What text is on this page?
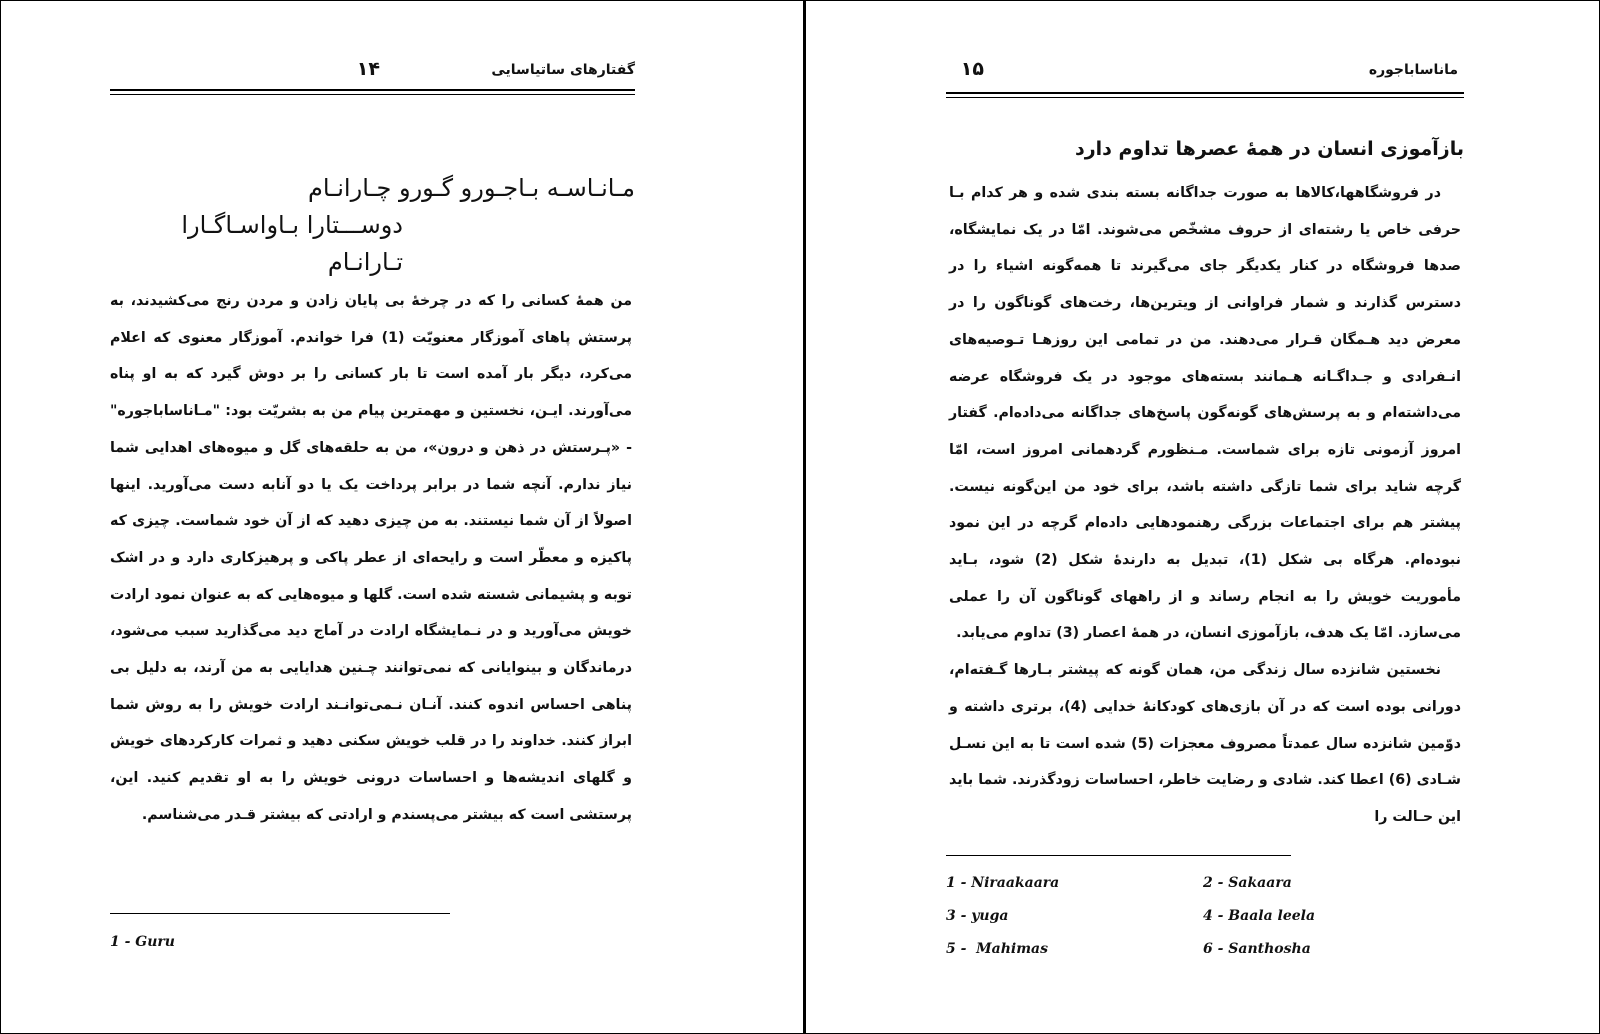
گفتارهای ساتیاسایی
۱۴

مـانـاسـه بـاجـورو گـورو چـارانـام

دوســـتارا بـاواسـاگـارا تـارانـام

من همهٔ کسانی را که در چرخهٔ بی پایان زادن و مردن رنج می‌کشیدند، به پرستش پاهای آموزگار معنویّت (1) فرا خواندم. آموزگار معنوی که اعلام می‌کرد، دیگر بار آمده است تا بار کسانی را بر دوش گیرد که به او پناه می‌آورند. ایـن، نخستین و مهمترین پیام من به بشریّت بود: "مـاناساباجوره" - «پـرستش در ذهن و درون»، من به حلقه‌های گل و میوه‌های اهدایی شما نیاز ندارم. آنچه شما در برابر پرداخت یک یا دو آنابه دست می‌آورید. اینها اصولاً از آن شما نیستند. به من چیزی دهید که از آن خود شماست. چیزی که پاکیزه و معطّر است و رایحه‌ای از عطر پاکی و پرهیزکاری دارد و در اشک توبه و پشیمانی شسته شده است. گلها و میوه‌هایی که به عنوان نمود ارادت خویش می‌آورید و در نـمایشگاه ارادت در آماج دید می‌گذارید سبب می‌شود، درماندگان و بینوایانی که نمی‌توانند چـنین هدایایی به من آرند، به دلیل بی پناهی احساس اندوه کنند. آنـان نـمی‌توانـند ارادت خویش را به روش شما ابراز کنند. خداوند را در قلب خویش سکنی دهید و ثمرات کارکردهای خویش و گلهای اندیشه‌ها و احساسات درونی خویش را به او تقدیم کنید. این، پرستشی است که بیشتر می‌پسندم و ارادتی که بیشتر قـدر می‌شناسم.

1 - Guru
ماناساباجوره
۱۵
بازآموزی انسان در همهٔ عصرها تداوم دارد

در فروشگاهها،کالاها به صورت جداگانه بسته بندی شده و هر کدام بـا حرفی خاص یا رشته‌ای از حروف مشخّص می‌شوند. امّا در یک نمایشگاه، صدها فروشگاه در کنار یکدیگر جای می‌گیرند تا همه‌گونه اشیاء را در دسترس گذارند و شمار فراوانی از ویترین‌ها، رخت‌های گوناگون را در معرض دید هـمگان قـرار می‌دهند. من در تمامی این روزهـا تـوصیه‌های انـفرادی و جـداگـانه هـمانند بسته‌های موجود در یک فروشگاه عرضه می‌داشته‌ام و به پرسش‌های گونه‌گون پاسخ‌های جداگانه می‌داده‌ام. گفتار امروز آزمونی تازه برای شماست. مـنظورم گردهمانی امروز است، امّا گرچه شاید برای شما تازگی داشته باشد، برای خود من این‌گونه نیست. پیشتر هم برای اجتماعات بزرگی رهنمودهایی داده‌ام گرچه در این نمود نبوده‌ام. هرگاه بی شکل (1)، تبدیل به دارندهٔ شکل (2) شود، بـاید مأموریت خویش را به انجام رساند و از راههای گوناگون آن را عملی می‌سازد. امّا یک هدف، بازآموزی انسان، در همهٔ اعصار (3) تداوم می‌یابد.

نخستین شانزده سال زندگی من، همان گونه که پیشتر بـارها گـفته‌ام، دورانی بوده است که در آن بازی‌های کودکانهٔ خدایی (4)، برتری داشته و دوّمین شانزده سال عمدتاً مصروف معجزات (5) شده است تا به این نسـل شـادی (6) اعطا کند. شادی و رضایت خاطر، احساسات زودگذرند. شما باید این حـالت را

1 - Niraakaara	2 - Sakaara
3 - yuga	4 - Baala leela
5 -  Mahimas	6 - Santhosha
